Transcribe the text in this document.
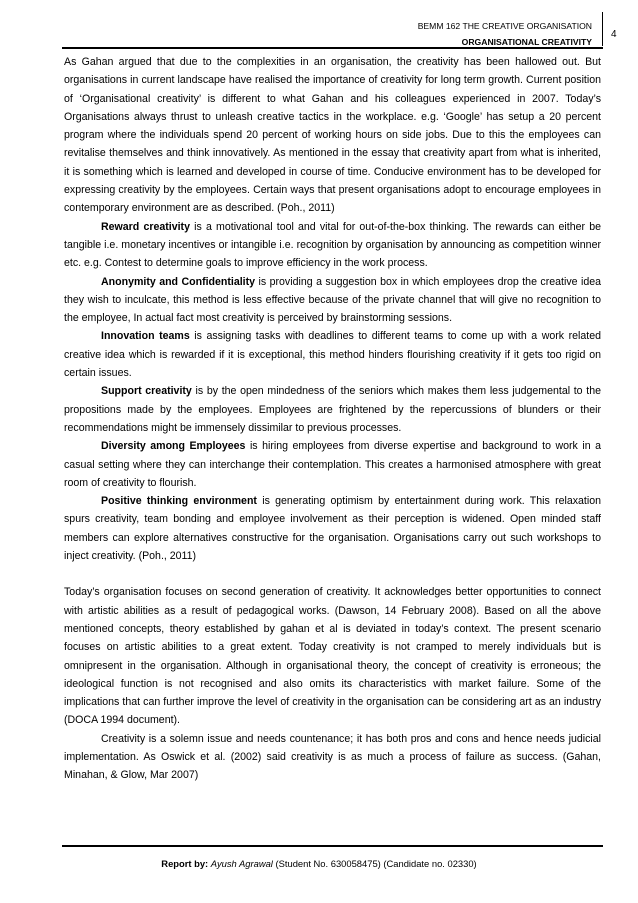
BEMM 162 THE CREATIVE ORGANISATION
ORGANISATIONAL CREATIVITY
4

As Gahan argued that due to the complexities in an organisation, the creativity has been hallowed out. But organisations in current landscape have realised the importance of creativity for long term growth. Current position of ‘Organisational creativity’ is different to what Gahan and his colleagues experienced in 2007. Today’s Organisations always thrust to unleash creative tactics in the workplace. e.g. ‘Google’ has setup a 20 percent program where the individuals spend 20 percent of working hours on side jobs. Due to this the employees can revitalise themselves and think innovatively. As mentioned in the essay that creativity apart from what is inherited, it is something which is learned and developed in course of time. Conducive environment has to be developed for expressing creativity by the employees. Certain ways that present organisations adopt to encourage employees in contemporary environment are as described. (Poh., 2011)

Reward creativity is a motivational tool and vital for out-of-the-box thinking. The rewards can either be tangible i.e. monetary incentives or intangible i.e. recognition by organisation by announcing as competition winner etc. e.g. Contest to determine goals to improve efficiency in the work process.

Anonymity and Confidentiality is providing a suggestion box in which employees drop the creative idea they wish to inculcate, this method is less effective because of the private channel that will give no recognition to the employee, In actual fact most creativity is perceived by brainstorming sessions.

Innovation teams is assigning tasks with deadlines to different teams to come up with a work related creative idea which is rewarded if it is exceptional, this method hinders flourishing creativity if it gets too rigid on certain issues.

Support creativity is by the open mindedness of the seniors which makes them less judgemental to the propositions made by the employees. Employees are frightened by the repercussions of blunders or their recommendations might be immensely dissimilar to previous processes.

Diversity among Employees is hiring employees from diverse expertise and background to work in a casual setting where they can interchange their contemplation. This creates a harmonised atmosphere with great room of creativity to flourish.

Positive thinking environment is generating optimism by entertainment during work. This relaxation spurs creativity, team bonding and employee involvement as their perception is widened. Open minded staff members can explore alternatives constructive for the organisation. Organisations carry out such workshops to inject creativity. (Poh., 2011)

Today’s organisation focuses on second generation of creativity. It acknowledges better opportunities to connect with artistic abilities as a result of pedagogical works. (Dawson, 14 February 2008). Based on all the above mentioned concepts, theory established by gahan et al is deviated in today’s context. The present scenario focuses on artistic abilities to a great extent. Today creativity is not cramped to merely individuals but is omnipresent in the organisation. Although in organisational theory, the concept of creativity is erroneous; the ideological function is not recognised and also omits its characteristics with market failure. Some of the implications that can further improve the level of creativity in the organisation can be considering art as an industry (DOCA 1994 document).

Creativity is a solemn issue and needs countenance; it has both pros and cons and hence needs judicial implementation. As Oswick et al. (2002) said creativity is as much a process of failure as success. (Gahan, Minahan, & Glow, Mar 2007)

Report by: Ayush Agrawal (Student No. 630058475) (Candidate no. 02330)
